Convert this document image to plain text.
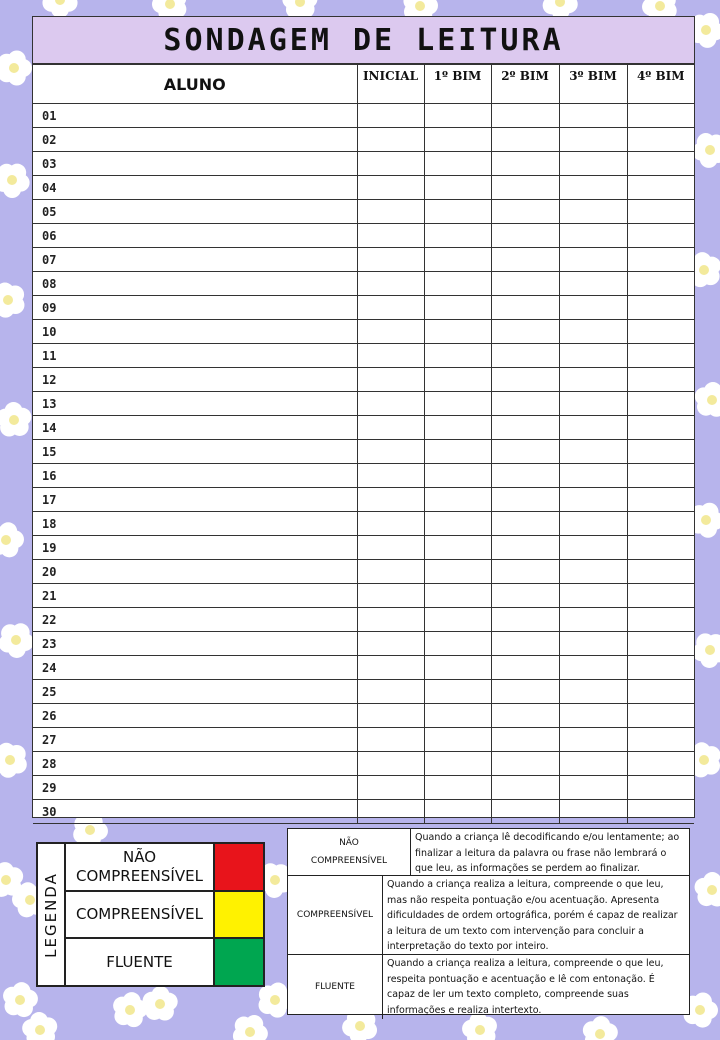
SONDAGEM DE LEITURA
ALUNO	INICIAL	1º BIM	2º BIM	3º BIM	4º BIM
01					
02					
03					
04					
05					
06					
07					
08					
09					
10					
11					
12					
13					
14					
15					
16					
17					
18					
19					
20					
21					
22					
23					
24					
25					
26					
27					
28					
29					
30					
LEGENDA
NÃO COMPREENSÍVEL
COMPREENSÍVEL
FLUENTE
NÃO COMPREENSÍVEL
Quando a criança lê decodificando e/ou lentamente; ao finalizar a leitura da palavra ou frase não lembrará o que leu, as informações se perdem ao finalizar.
COMPREENSÍVEL
Quando a criança realiza a leitura, compreende o que leu, mas não respeita pontuação e/ou acentuação. Apresenta dificuldades de ordem ortográfica, porém é capaz de realizar a leitura de um texto com intervenção para concluir a interpretação do texto por inteiro.
FLUENTE
Quando a criança realiza a leitura, compreende o que leu, respeita pontuação e acentuação e lê com entonação. É capaz de ler um texto completo, compreende suas informações e realiza intertexto.
